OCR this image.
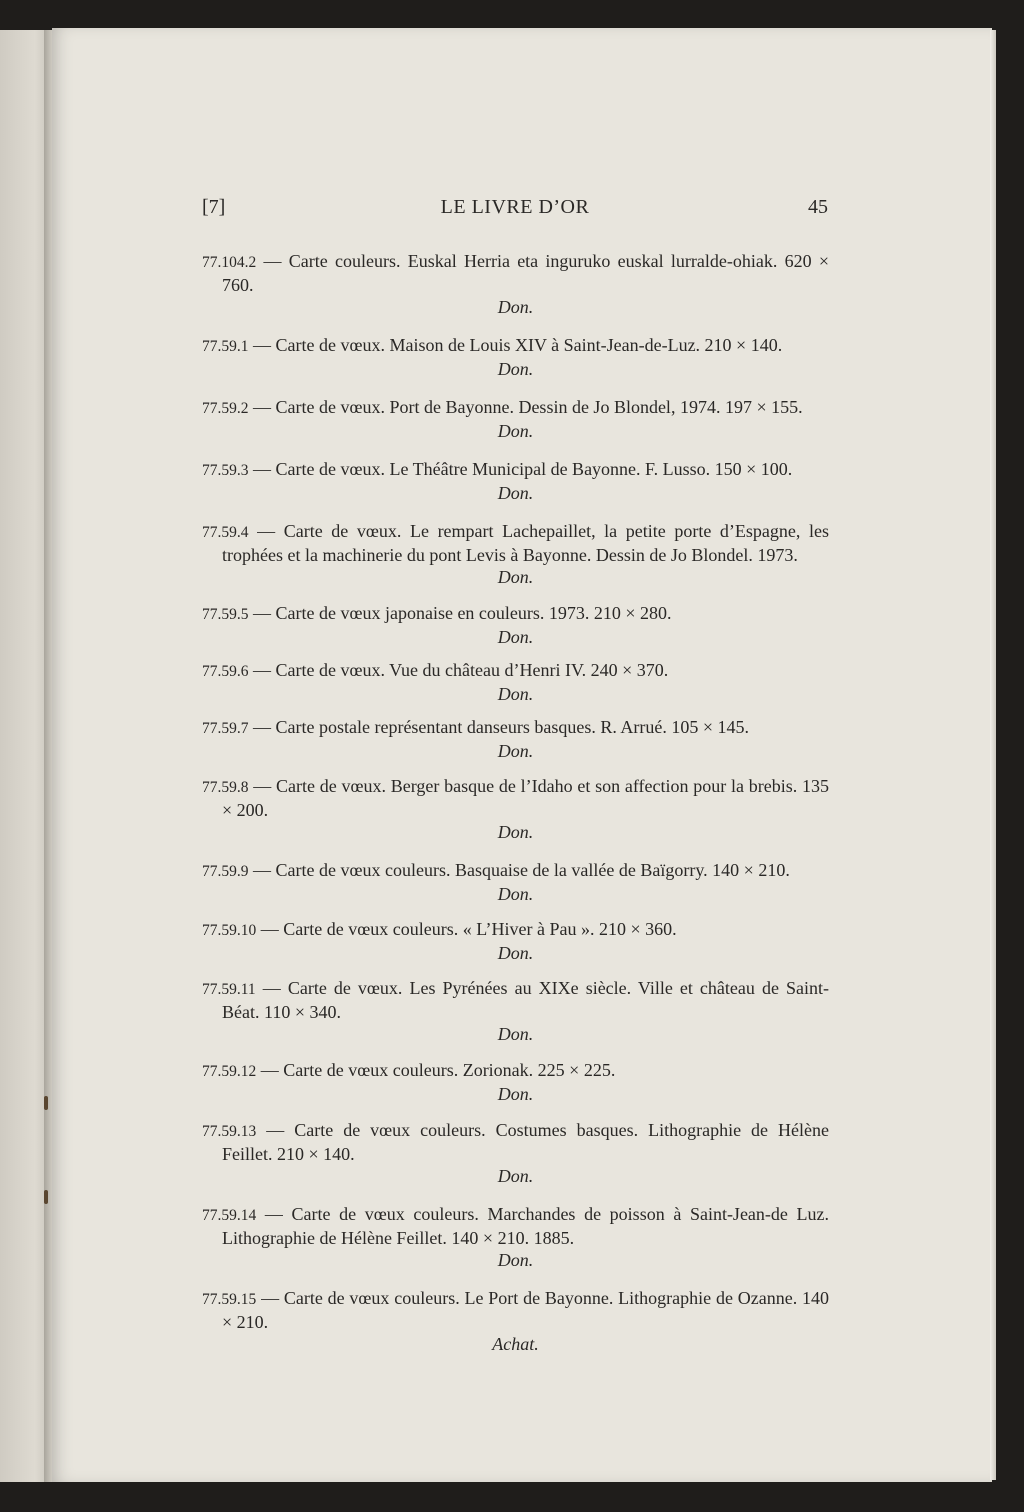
[7]	LE LIVRE D’OR	45
77.104.2 — Carte couleurs. Euskal Herria eta inguruko euskal lurralde-ohiak. 620 × 760.
Don.
77.59.1 — Carte de vœux. Maison de Louis XIV à Saint-Jean-de-Luz. 210 × 140.
Don.
77.59.2 — Carte de vœux. Port de Bayonne. Dessin de Jo Blondel, 1974. 197 × 155.
Don.
77.59.3 — Carte de vœux. Le Théâtre Municipal de Bayonne. F. Lusso. 150 × 100.
Don.
77.59.4 — Carte de vœux. Le rempart Lachepaillet, la petite porte d’Espagne, les trophées et la machinerie du pont Levis à Bayonne. Dessin de Jo Blondel. 1973.
Don.
77.59.5 — Carte de vœux japonaise en couleurs. 1973. 210 × 280.
Don.
77.59.6 — Carte de vœux. Vue du château d’Henri IV. 240 × 370.
Don.
77.59.7 — Carte postale représentant danseurs basques. R. Arrué. 105 × 145.
Don.
77.59.8 — Carte de vœux. Berger basque de l’Idaho et son affection pour la brebis. 135 × 200.
Don.
77.59.9 — Carte de vœux couleurs. Basquaise de la vallée de Baïgorry. 140 × 210.
Don.
77.59.10 — Carte de vœux couleurs. « L’Hiver à Pau ». 210 × 360.
Don.
77.59.11 — Carte de vœux. Les Pyrénées au XIXe siècle. Ville et château de Saint-Béat. 110 × 340.
Don.
77.59.12 — Carte de vœux couleurs. Zorionak. 225 × 225.
Don.
77.59.13 — Carte de vœux couleurs. Costumes basques. Lithographie de Hélène Feillet. 210 × 140.
Don.
77.59.14 — Carte de vœux couleurs. Marchandes de poisson à Saint-Jean-de Luz. Lithographie de Hélène Feillet. 140 × 210. 1885.
Don.
77.59.15 — Carte de vœux couleurs. Le Port de Bayonne. Lithographie de Ozanne. 140 × 210.
Achat.
